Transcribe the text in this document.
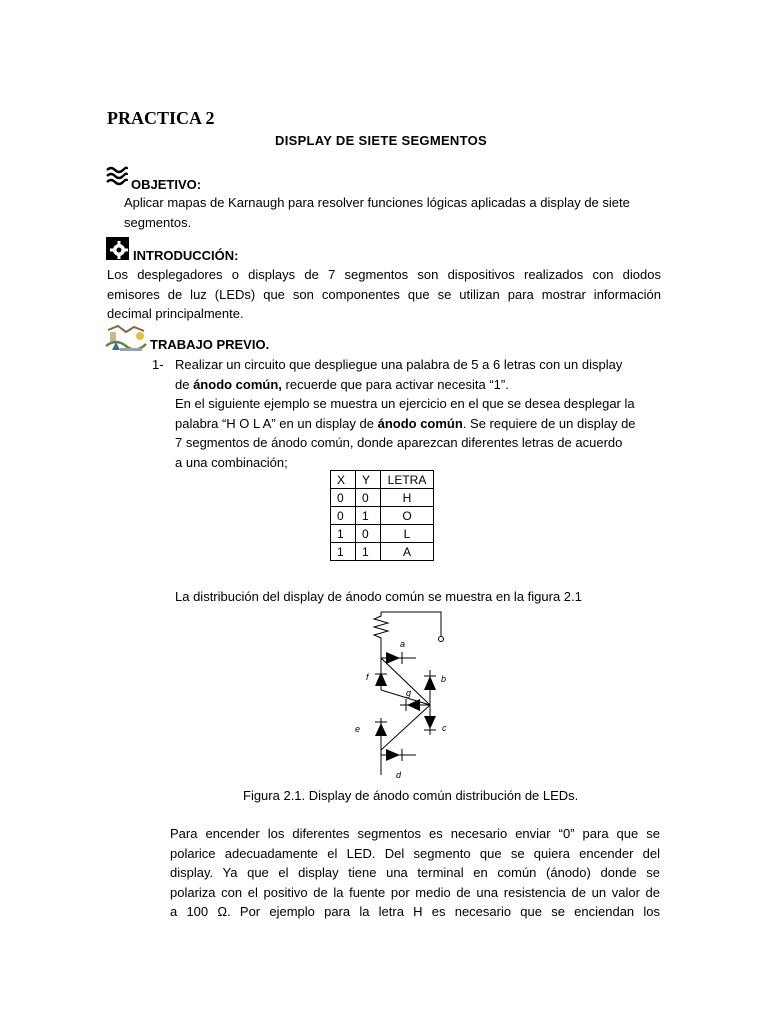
PRACTICA 2
DISPLAY DE SIETE SEGMENTOS
OBJETIVO:
Aplicar mapas de Karnaugh para resolver funciones lógicas aplicadas a display de siete
segmentos.
INTRODUCCIÓN:
Los desplegadores o displays de 7 segmentos son dispositivos realizados con diodos
emisores de luz (LEDs) que son componentes que se utilizan para mostrar información
decimal principalmente.
TRABAJO PREVIO.
1- Realizar un circuito que despliegue una palabra de 5 a 6 letras con un display
de ánodo común, recuerde que para activar necesita “1”.
En el siguiente ejemplo se muestra un ejercicio en el que se desea desplegar la
palabra “H O L A” en un display de ánodo común. Se requiere de un display de
7 segmentos de ánodo común, donde aparezcan diferentes letras de acuerdo
a una combinación;
X	Y	LETRA
0	0	H
0	1	O
1	0	L
1	1	A
La distribución del display de ánodo común se muestra en la figura 2.1
a
b
c
d
e
f
g
Figura 2.1. Display de ánodo común distribución de LEDs.
Para encender los diferentes segmentos es necesario enviar “0” para que se
polarice adecuadamente el LED. Del segmento que se quiera encender del
display. Ya que el display tiene una terminal en común (ánodo) donde se
polariza con el positivo de la fuente por medio de una resistencia de un valor de
a 100 Ω. Por ejemplo para la letra H es necesario que se enciendan los
